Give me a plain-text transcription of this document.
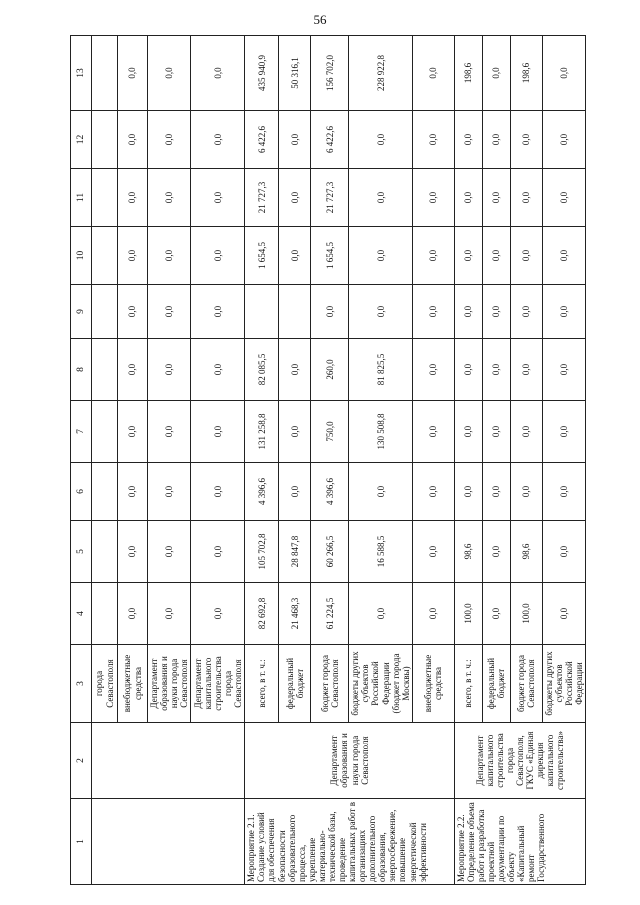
56
1	2	3	4	5	6	7	8	9	10	11	12	13
		города Севастополя										
		внебюджетные средства	0,0	0,0	0,0	0,0	0,0	0,0	0,0	0,0	0,0	0,0
		Департамент образования и науки города Севастополя	0,0	0,0	0,0	0,0	0,0	0,0	0,0	0,0	0,0	0,0
		Департамент капитального строительства города Севастополя	0,0	0,0	0,0	0,0	0,0	0,0	0,0	0,0	0,0	0,0
Мероприятие 2.1. Создание условий для обеспечения безопасности образовательного процесса, укрепление материально-технической базы, проведение капитальных работ в организациях дополнительного образования, энергосбережение, повышение энергетической эффективности	Департамент образования и науки города Севастополя	всего, в т. ч.:	82 692,8	105 702,8	4 396,6	131 258,8	82 085,5		1 654,5	21 727,3	6 422,6	435 940,9
		федеральный бюджет	21 468,3	28 847,8	0,0	0,0	0,0		0,0	0,0	0,0	50 316,1
		бюджет города Севастополя	61 224,5	60 266,5	4 396,6	750,0	260,0	0,0	1 654,5	21 727,3	6 422,6	156 702,0
		бюджеты других субъектов Российской Федерации (бюджет города Москвы)	0,0	16 588,5	0,0	130 508,8	81 825,5	0,0	0,0	0,0	0,0	228 922,8
		внебюджетные средства	0,0	0,0	0,0	0,0	0,0	0,0	0,0	0,0	0,0	0,0
Мероприятие 2.2. Определение объема работ и разработка проектной документации по объекту «Капитальный ремонт Государственного	Департамент капитального строительства города Севастополя, ГКУС «Единая дирекция капитального строительства»	всего, в т. ч.:	100,0	98,6	0,0	0,0	0,0	0,0	0,0	0,0	0,0	198,6
		федеральный бюджет	0,0	0,0	0,0	0,0	0,0	0,0	0,0	0,0	0,0	0,0
		бюджет города Севастополя	100,0	98,6	0,0	0,0	0,0	0,0	0,0	0,0	0,0	198,6
		бюджеты других субъектов Российской Федерации	0,0	0,0	0,0	0,0	0,0	0,0	0,0	0,0	0,0	0,0
